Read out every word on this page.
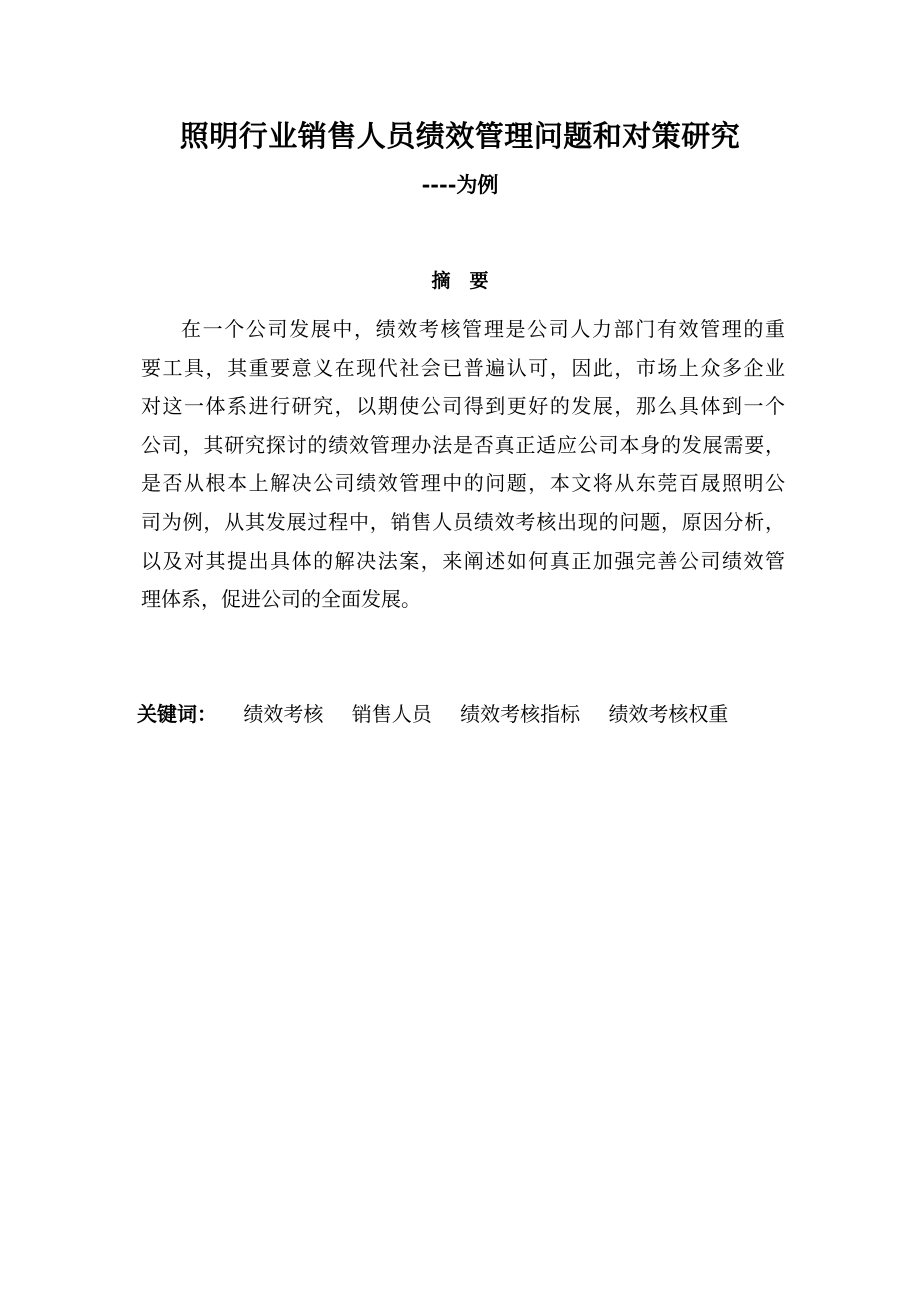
照明行业销售人员绩效管理问题和对策研究
----为例
摘　要
在一个公司发展中，绩效考核管理是公司人力部门有效管理的重
要工具，其重要意义在现代社会已普遍认可，因此，市场上众多企业
对这一体系进行研究，以期使公司得到更好的发展，那么具体到一个
公司，其研究探讨的绩效管理办法是否真正适应公司本身的发展需要，
是否从根本上解决公司绩效管理中的问题，本文将从东莞百晟照明公
司为例，从其发展过程中，销售人员绩效考核出现的问题，原因分析，
以及对其提出具体的解决法案，来阐述如何真正加强完善公司绩效管
理体系，促进公司的全面发展。
关键词： 绩效考核 销售人员 绩效考核指标 绩效考核权重
